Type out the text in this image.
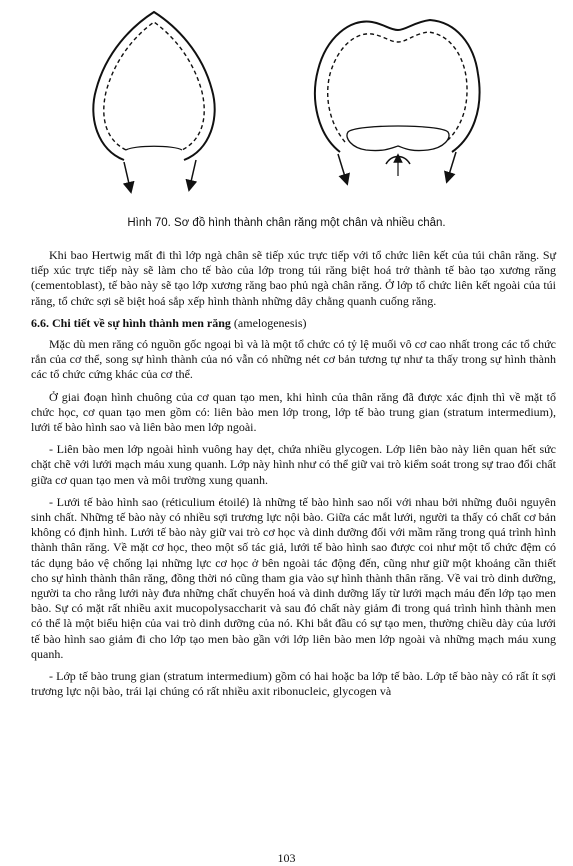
Hình 70. Sơ đồ hình thành chân răng một chân và nhiều chân.

Khi bao Hertwig mất đi thì lớp ngà chân sẽ tiếp xúc trực tiếp với tổ chức liên kết của túi chân răng. Sự tiếp xúc trực tiếp này sẽ làm cho tế bào của lớp trong túi răng biệt hoá trở thành tế bào tạo xương răng (cementoblast), tế bào này sẽ tạo lớp xương răng bao phủ ngà chân răng. Ở lớp tổ chức liên kết ngoài của túi răng, tổ chức sợi sẽ biệt hoá sắp xếp hình thành những dây chằng quanh cuống răng.

6.6. Chi tiết về sự hình thành men răng (amelogenesis)

Mặc dù men răng có nguồn gốc ngoại bì và là một tổ chức có tỷ lệ muối vô cơ cao nhất trong các tổ chức rắn của cơ thể, song sự hình thành của nó vẫn có những nét cơ bản tương tự như ta thấy trong sự hình thành các tổ chức cứng khác của cơ thể.

Ở giai đoạn hình chuông của cơ quan tạo men, khi hình của thân răng đã được xác định thì về mặt tổ chức học, cơ quan tạo men gồm có: liên bào men lớp trong, lớp tế bào trung gian (stratum intermedium), lưới tế bào hình sao và liên bào men lớp ngoài.

- Liên bào men lớp ngoài hình vuông hay dẹt, chứa nhiều glycogen. Lớp liên bào này liên quan hết sức chặt chẽ với lưới mạch máu xung quanh. Lớp này hình như có thể giữ vai trò kiểm soát trong sự trao đổi chất giữa cơ quan tạo men và môi trường xung quanh.

- Lưới tế bào hình sao (réticulium étoilé) là những tế bào hình sao nối với nhau bởi những đuôi nguyên sinh chất. Những tế bào này có nhiều sợi trương lực nội bào. Giữa các mắt lưới, người ta thấy có chất cơ bản không có định hình. Lưới tế bào này giữ vai trò cơ học và dinh dưỡng đối với mầm răng trong quá trình hình thành thân răng. Về mặt cơ học, theo một số tác giả, lưới tế bào hình sao được coi như một tổ chức đệm có tác dụng bảo vệ chống lại những lực cơ học ở bên ngoài tác động đến, cũng như giữ một khoảng cần thiết cho sự hình thành thân răng, đồng thời nó cũng tham gia vào sự hình thành thân răng. Về vai trò dinh dưỡng, người ta cho rằng lưới này đưa những chất chuyển hoá và dinh dưỡng lấy từ lưới mạch máu đến lớp tạo men bào. Sự có mặt rất nhiều axit mucopolysaccharit và sau đó chất này giảm đi trong quá trình hình thành men có thể là một biểu hiện của vai trò dinh dưỡng của nó. Khi bắt đầu có sự tạo men, thường chiều dày của lưới tế bào hình sao giảm đi cho lớp tạo men bào gần với lớp liên bào men lớp ngoài và những mạch máu xung quanh.

- Lớp tế bào trung gian (stratum intermedium) gồm có hai hoặc ba lớp tế bào. Lớp tế bào này có rất ít sợi trương lực nội bào, trái lại chúng có rất nhiều axit ribonucleic, glycogen và

103
